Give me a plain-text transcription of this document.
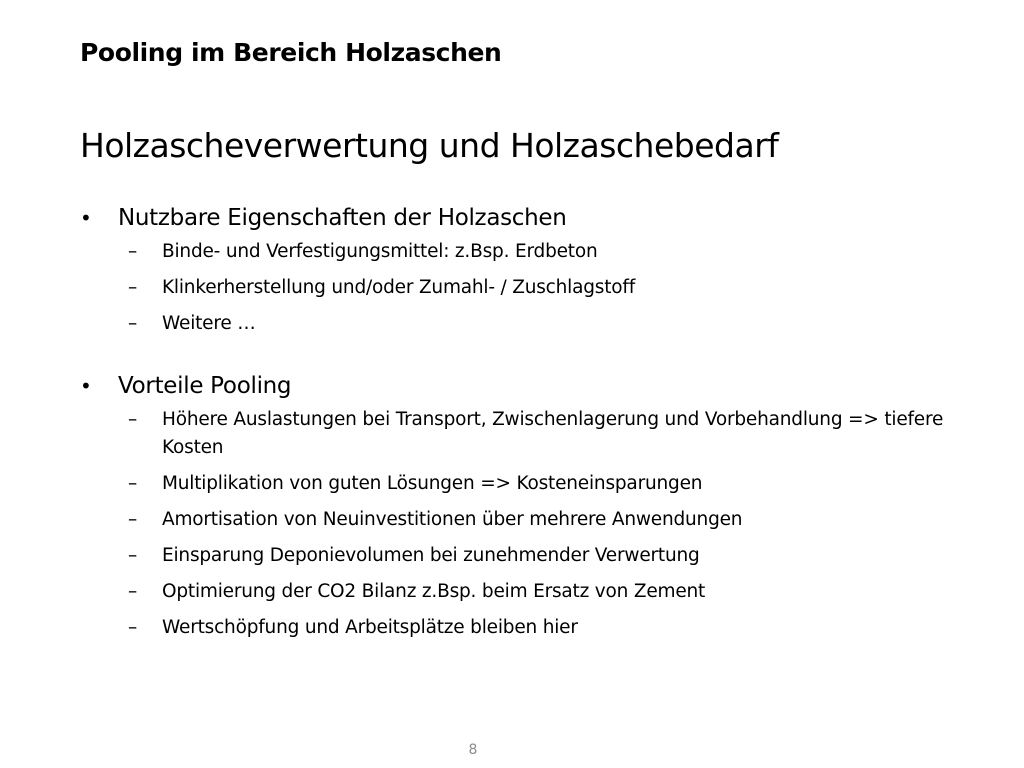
Pooling im Bereich Holzaschen
Holzascheverwertung und Holzaschebedarf
•	Nutzbare Eigenschaften der Holzaschen
–	Binde- und Verfestigungsmittel: z.Bsp. Erdbeton
–	Klinkerherstellung und/oder Zumahl- / Zuschlagstoff
–	Weitere …
•	Vorteile Pooling
–	Höhere Auslastungen bei Transport, Zwischenlagerung und Vorbehandlung => tiefere Kosten
–	Multiplikation von guten Lösungen => Kosteneinsparungen
–	Amortisation von Neuinvestitionen über mehrere Anwendungen
–	Einsparung Deponievolumen bei zunehmender Verwertung
–	Optimierung der CO2 Bilanz z.Bsp. beim Ersatz von Zement
–	Wertschöpfung und Arbeitsplätze bleiben hier
8
